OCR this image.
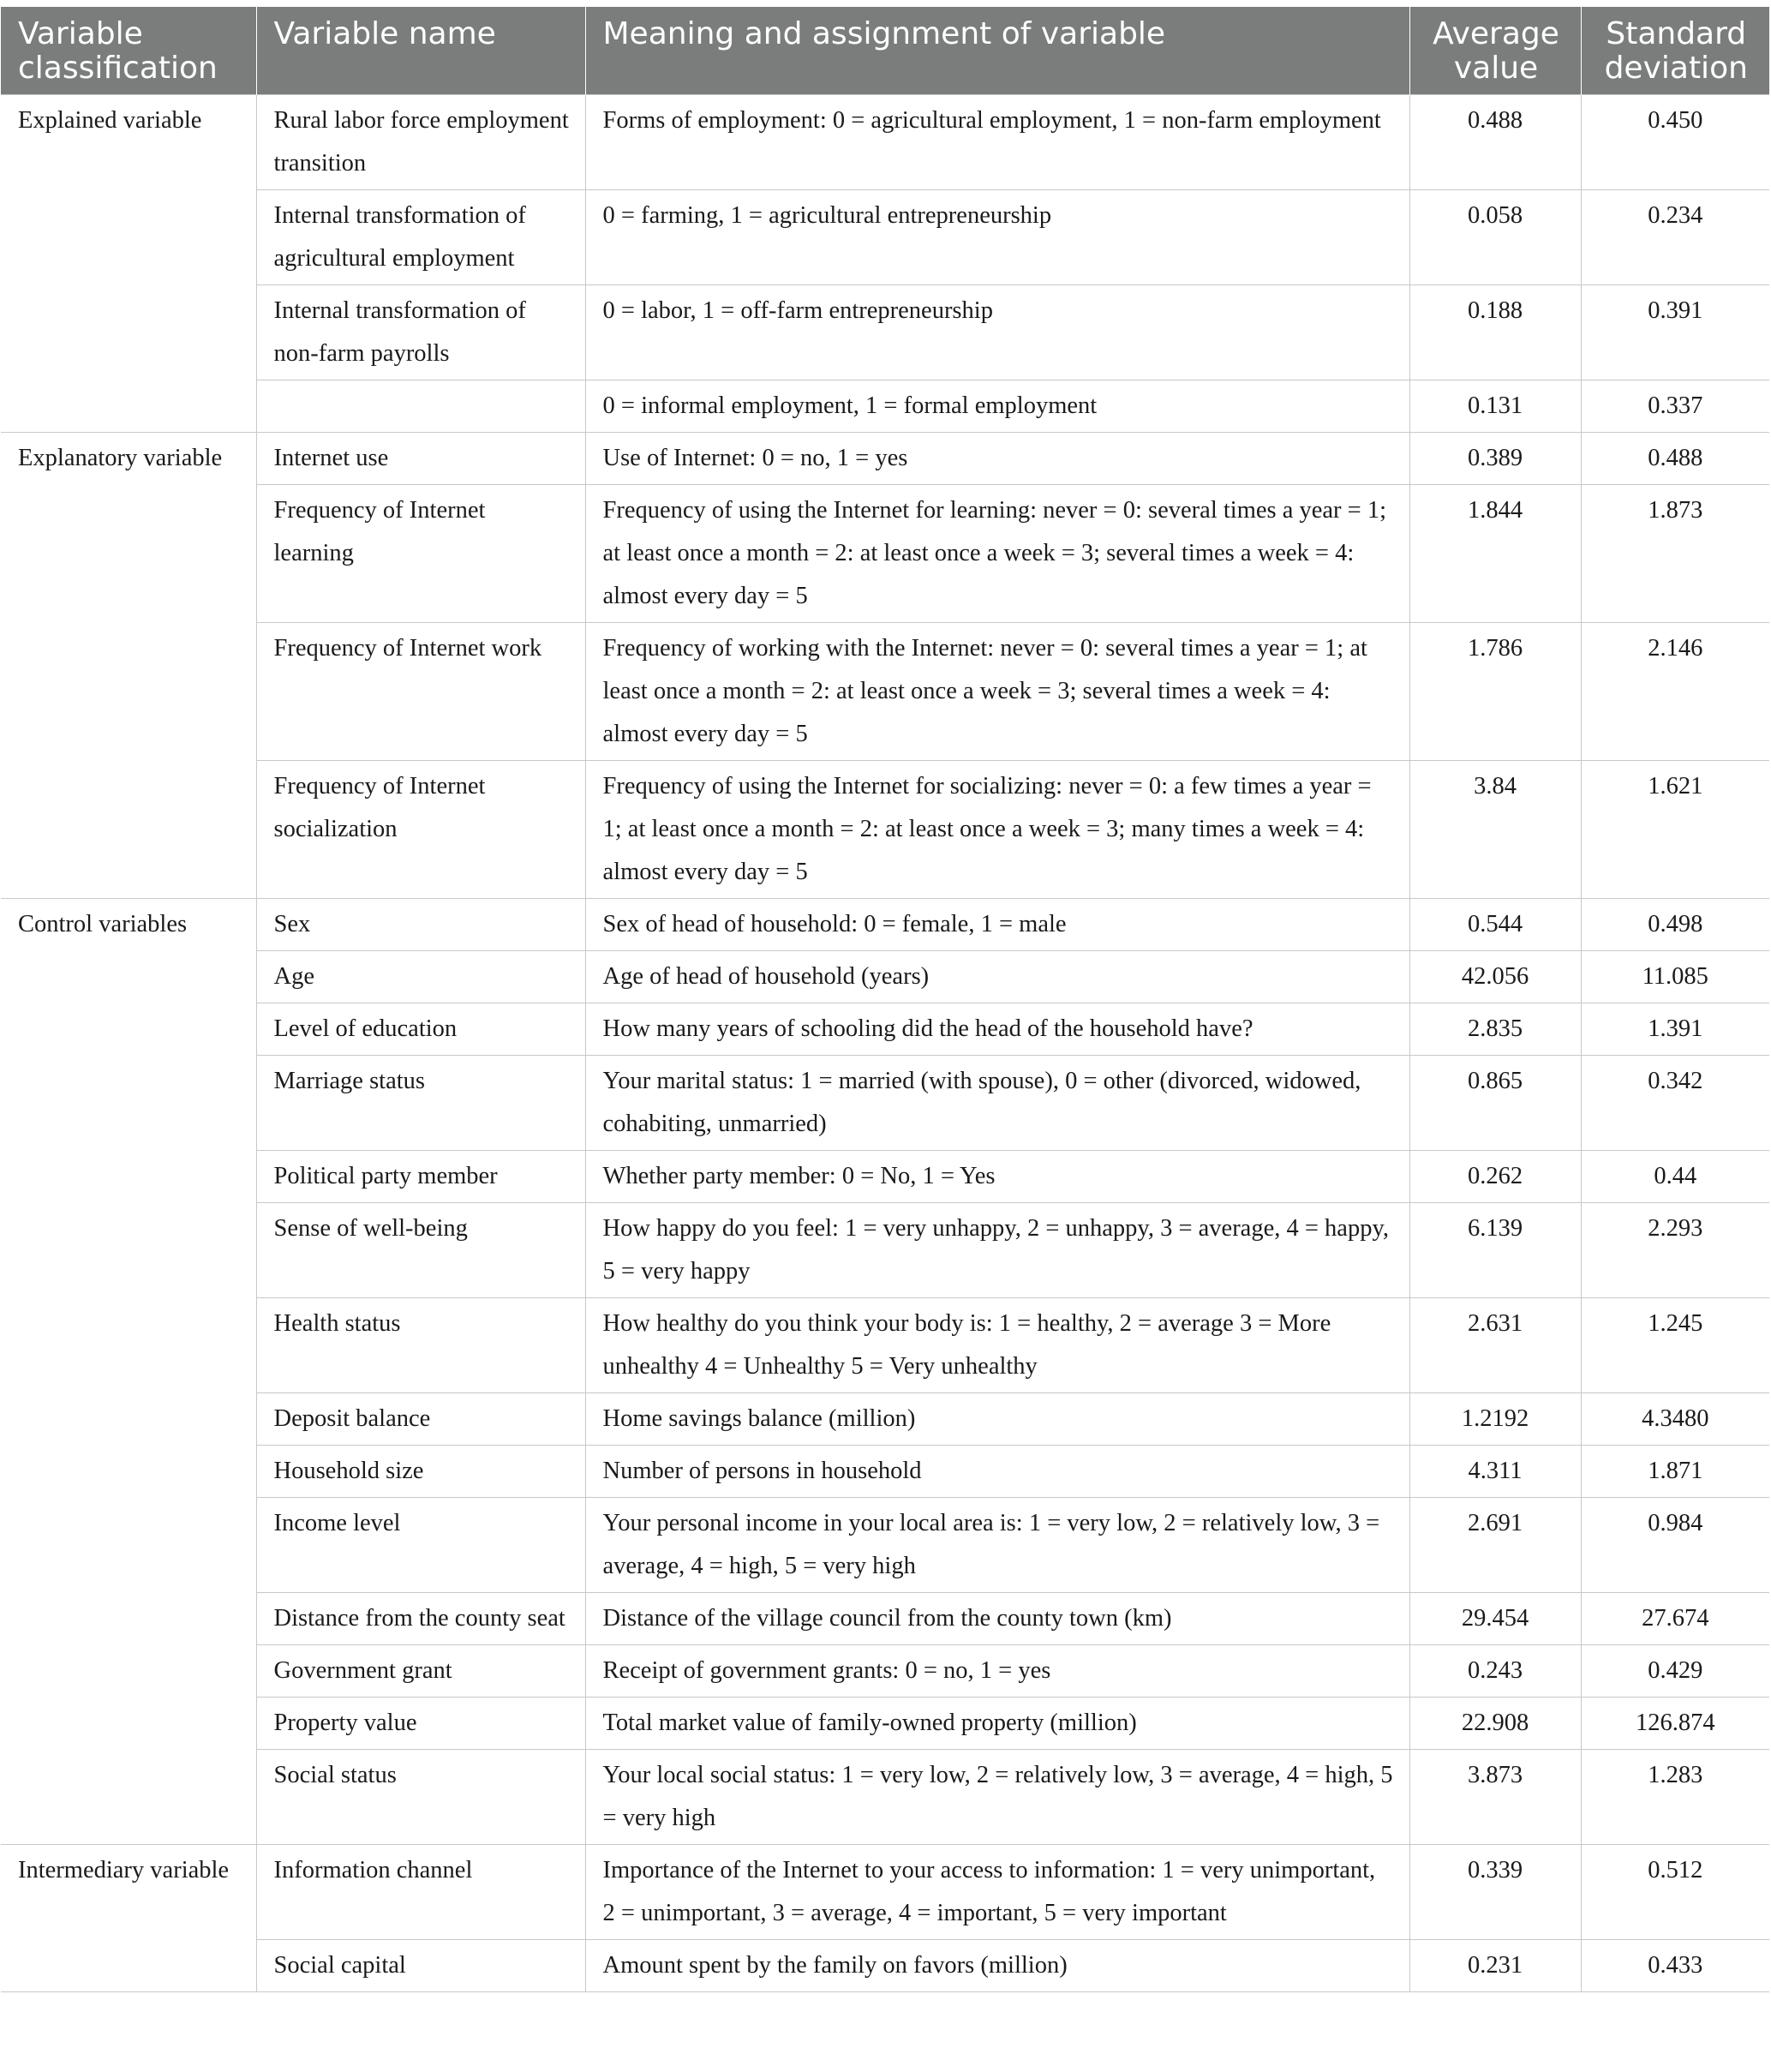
Variable classification	Variable name	Meaning and assignment of variable	Average value	Standard deviation
Explained variable	Rural labor force employment transition	Forms of employment: 0 = agricultural employment, 1 = non-farm employment	0.488	0.450
	Internal transformation of agricultural employment	0 = farming, 1 = agricultural entrepreneurship	0.058	0.234
	Internal transformation of non-farm payrolls	0 = labor, 1 = off-farm entrepreneurship	0.188	0.391
		0 = informal employment, 1 = formal employment	0.131	0.337
Explanatory variable	Internet use	Use of Internet: 0 = no, 1 = yes	0.389	0.488
	Frequency of Internet learning	Frequency of using the Internet for learning: never = 0: several times a year = 1; at least once a month = 2: at least once a week = 3; several times a week = 4: almost every day = 5	1.844	1.873
	Frequency of Internet work	Frequency of working with the Internet: never = 0: several times a year = 1; at least once a month = 2: at least once a week = 3; several times a week = 4: almost every day = 5	1.786	2.146
	Frequency of Internet socialization	Frequency of using the Internet for socializing: never = 0: a few times a year = 1; at least once a month = 2: at least once a week = 3; many times a week = 4: almost every day = 5	3.84	1.621
Control variables	Sex	Sex of head of household: 0 = female, 1 = male	0.544	0.498
	Age	Age of head of household (years)	42.056	11.085
	Level of education	How many years of schooling did the head of the household have?	2.835	1.391
	Marriage status	Your marital status: 1 = married (with spouse), 0 = other (divorced, widowed, cohabiting, unmarried)	0.865	0.342
	Political party member	Whether party member: 0 = No, 1 = Yes	0.262	0.44
	Sense of well-being	How happy do you feel: 1 = very unhappy, 2 = unhappy, 3 = average, 4 = happy, 5 = very happy	6.139	2.293
	Health status	How healthy do you think your body is: 1 = healthy, 2 = average 3 = More unhealthy 4 = Unhealthy 5 = Very unhealthy	2.631	1.245
	Deposit balance	Home savings balance (million)	1.2192	4.3480
	Household size	Number of persons in household	4.311	1.871
	Income level	Your personal income in your local area is: 1 = very low, 2 = relatively low, 3 = average, 4 = high, 5 = very high	2.691	0.984
	Distance from the county seat	Distance of the village council from the county town (km)	29.454	27.674
	Government grant	Receipt of government grants: 0 = no, 1 = yes	0.243	0.429
	Property value	Total market value of family-owned property (million)	22.908	126.874
	Social status	Your local social status: 1 = very low, 2 = relatively low, 3 = average, 4 = high, 5 = very high	3.873	1.283
Intermediary variable	Information channel	Importance of the Internet to your access to information: 1 = very unimportant, 2 = unimportant, 3 = average, 4 = important, 5 = very important	0.339	0.512
	Social capital	Amount spent by the family on favors (million)	0.231	0.433
